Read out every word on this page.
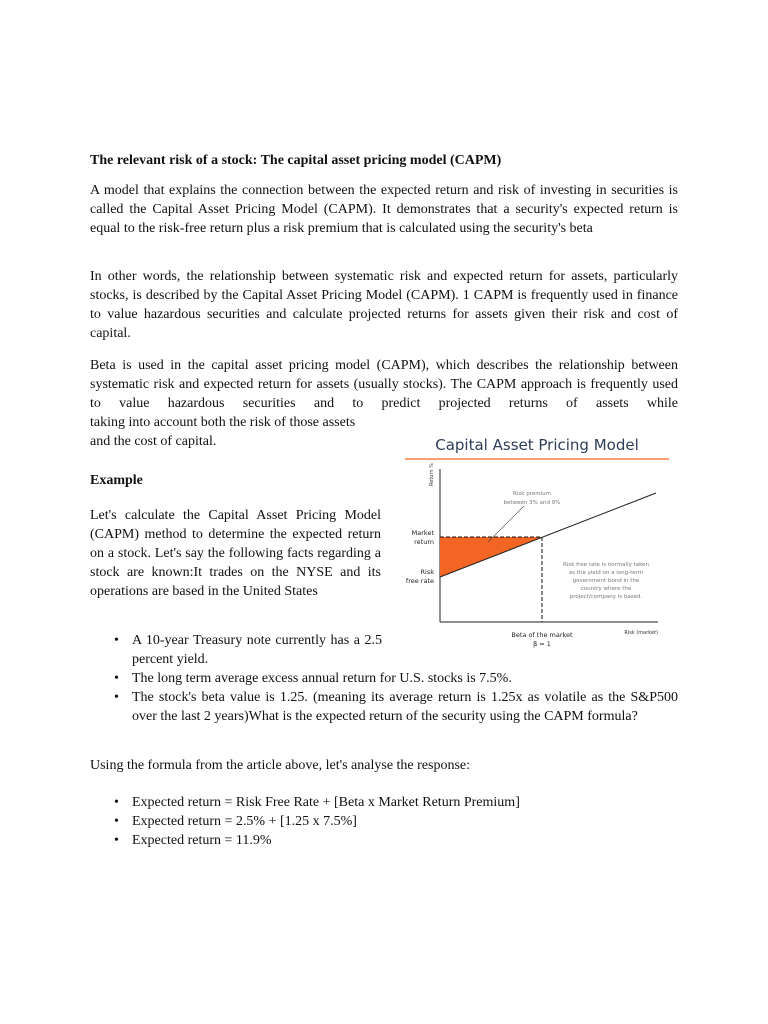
The relevant risk of a stock: The capital asset pricing model (CAPM)

A model that explains the connection between the expected return and risk of investing in securities is called the Capital Asset Pricing Model (CAPM). It demonstrates that a security's expected return is equal to the risk-free return plus a risk premium that is calculated using the security's beta

In other words, the relationship between systematic risk and expected return for assets, particularly stocks, is described by the Capital Asset Pricing Model (CAPM). 1 CAPM is frequently used in finance to value hazardous securities and calculate projected returns for assets given their risk and cost of capital.

Beta is used in the capital asset pricing model (CAPM), which describes the relationship between systematic risk and expected return for assets (usually stocks). The CAPM approach is frequently used to value hazardous securities and to predict projected returns of assets while

taking into account both the risk of those assets

and the cost of capital.

Example

Let's calculate the Capital Asset Pricing Model (CAPM) method to determine the expected return on a stock. Let's say the following facts regarding a stock are known:It trades on the NYSE and its operations are based in the United States

• A 10-year Treasury note currently has a 2.5 percent yield.
• The long term average excess annual return for U.S. stocks is 7.5%.
• The stock's beta value is 1.25. (meaning its average return is 1.25x as volatile as the S&P500 over the last 2 years)What is the expected return of the security using the CAPM formula?

Using the formula from the article above, let's analyse the response:

• Expected return = Risk Free Rate + [Beta x Market Return Premium]
• Expected return = 2.5% + [1.25 x 7.5%]
• Expected return = 11.9%
Capital Asset Pricing Model
Return %
Risk (market)
Market
return
Risk
free rate
Risk premium
between 3% and 9%
Risk free rate is normally taken
as the yield on a long-term
government bond in the
country where the
project/company is based.
Beta of the market
β = 1
